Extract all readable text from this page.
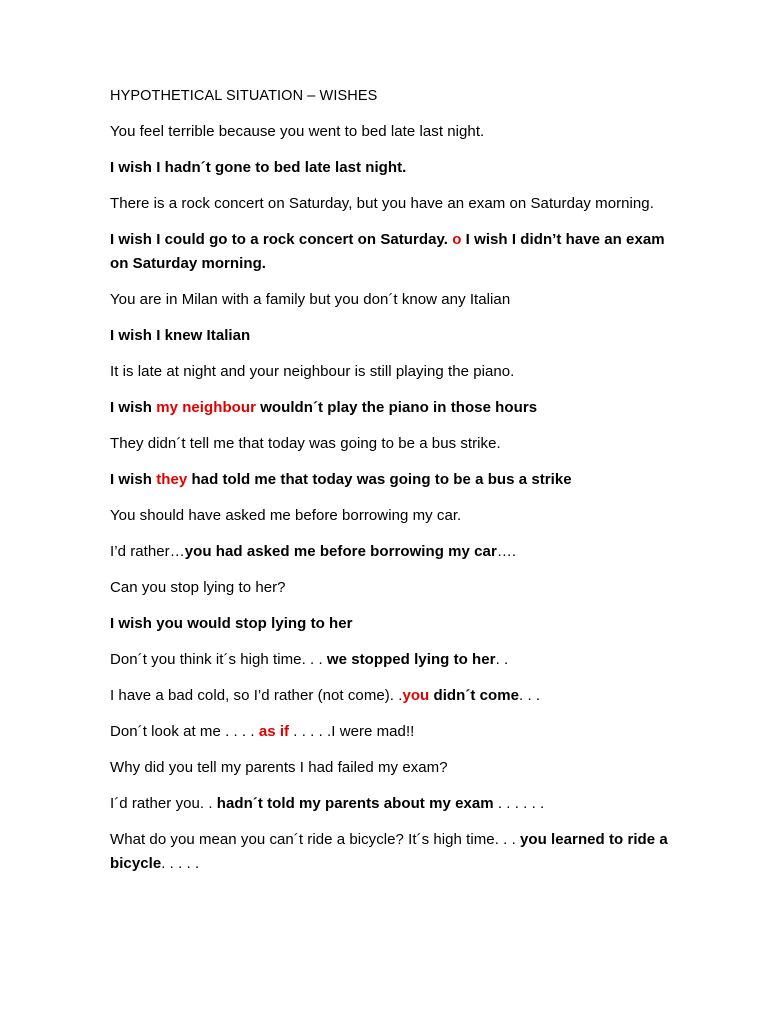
HYPOTHETICAL SITUATION – WISHES

You feel terrible because you went to bed late last night.

I wish I hadn´t gone to bed late last night.

There is a rock concert on Saturday, but you have an exam on Saturday morning.

I wish I could go to a rock concert on Saturday. o I wish I didn’t have an exam on Saturday morning.

You are in Milan with a family but you don´t know any Italian

I wish I knew Italian

It is late at night and your neighbour is still playing the piano.

I wish my neighbour wouldn´t play the piano in those hours

They didn´t tell me that today was going to be a bus strike.

I wish they had told me that today was going to be a bus a strike

You should have asked me before borrowing my car.

I’d rather…you had asked me before borrowing my car….

Can you stop lying to her?

I wish you would stop lying to her

Don´t you think it´s high time. . . we stopped lying to her. .

I have a bad cold, so I’d rather (not come). .you didn´t come. . .

Don´t look at me . . . . as if . . . . .I were mad!!

Why did you tell my parents I had failed my exam?

I´d rather you. . hadn´t told my parents about my exam . . . . . .

What do you mean you can´t ride a bicycle? It´s high time. . . you learned to ride a bicycle. . . . .
